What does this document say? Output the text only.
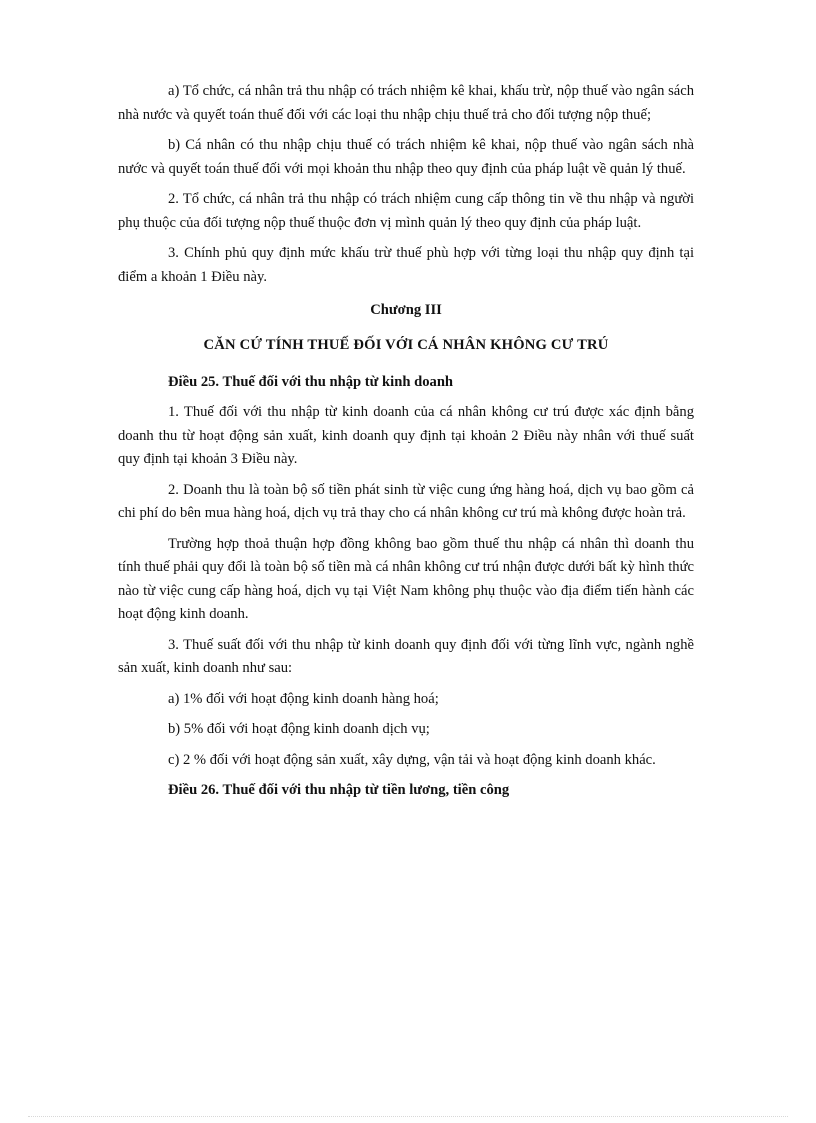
a) Tổ chức, cá nhân trả thu nhập có trách nhiệm kê khai, khấu trừ, nộp thuế vào ngân sách nhà nước và quyết toán thuế đối với các loại thu nhập chịu thuế trả cho đối tượng nộp thuế;

b) Cá nhân có thu nhập chịu thuế có trách nhiệm kê khai, nộp thuế vào ngân sách nhà nước và quyết toán thuế đối với mọi khoản thu nhập theo quy định của pháp luật về quản lý thuế.

2. Tổ chức, cá nhân trả thu nhập có trách nhiệm cung cấp thông tin về thu nhập và người phụ thuộc của đối tượng nộp thuế thuộc đơn vị mình quản lý theo quy định của pháp luật.

3. Chính phủ quy định mức khấu trừ thuế phù hợp với từng loại thu nhập quy định tại điểm a khoản 1 Điều này.

Chương III

CĂN CỨ TÍNH THUẾ ĐỐI VỚI CÁ NHÂN KHÔNG CƯ TRÚ

Điều 25. Thuế đối với thu nhập từ kinh doanh

1. Thuế đối với thu nhập từ kinh doanh của cá nhân không cư trú được xác định bằng doanh thu từ hoạt động sản xuất, kinh doanh quy định tại khoản 2 Điều này nhân với thuế suất quy định tại khoản 3 Điều này.

2. Doanh thu là toàn bộ số tiền phát sinh từ việc cung ứng hàng hoá, dịch vụ bao gồm cả chi phí do bên mua hàng hoá, dịch vụ trả thay cho cá nhân không cư trú mà không được hoàn trả.

Trường hợp thoả thuận hợp đồng không bao gồm thuế thu nhập cá nhân thì doanh thu tính thuế phải quy đổi là toàn bộ số tiền mà cá nhân không cư trú nhận được dưới bất kỳ hình thức nào từ việc cung cấp hàng hoá, dịch vụ tại Việt Nam không phụ thuộc vào địa điểm tiến hành các hoạt động kinh doanh.

3. Thuế suất đối với thu nhập từ kinh doanh quy định đối với từng lĩnh vực, ngành nghề sản xuất, kinh doanh như sau:

a) 1% đối với hoạt động kinh doanh hàng hoá;

b) 5% đối với hoạt động kinh doanh dịch vụ;

c) 2 % đối với hoạt động sản xuất, xây dựng, vận tải và hoạt động kinh doanh khác.

Điều 26. Thuế đối với thu nhập từ tiền lương, tiền công
